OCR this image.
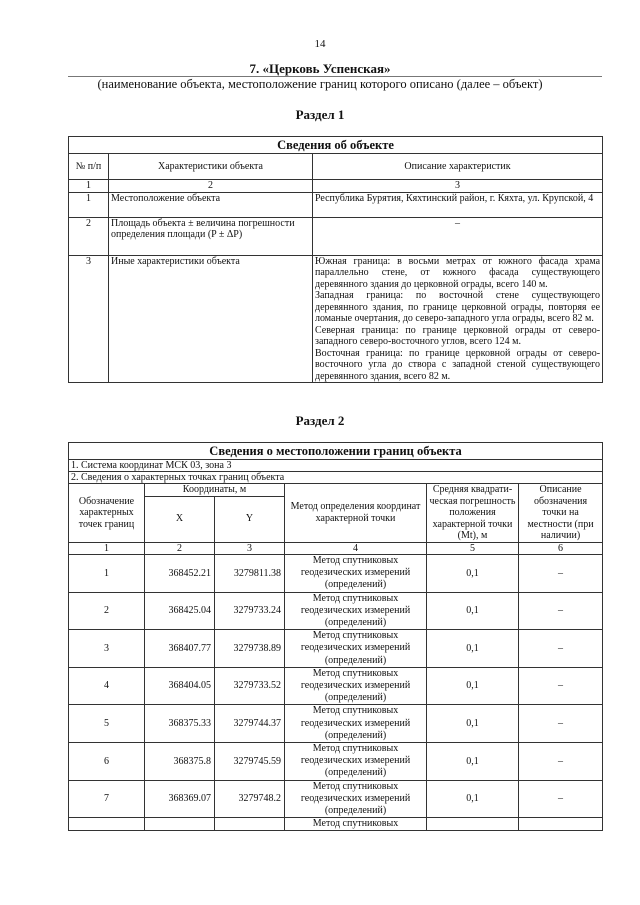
14
7. «Церковь Успенская»
(наименование объекта, местоположение границ которого описано (далее – объект)
Раздел 1
Сведения об объекте		
№ п/п	Характеристики объекта	Описание характеристик
1	2	3
1	Местоположение объекта	Республика Бурятия, Кяхтинский район, г. Кяхта, ул. Крупской, 4
2	Площадь объекта ± величина погрешности определения площади (P ± ΔP)	–
3	Иные характеристики объекта	Южная граница: в восьми метрах от южного фасада храма параллельно стене, от южного фасада существующего деревянного здания до церковной ограды, всего 140 м.
Западная граница: по восточной стене существующего деревянного здания, по границе церковной ограды, повторяя ее ломаные очертания, до северо-западного угла ограды, всего 82 м.
Северная граница: по границе церковной ограды от северо-западного северо-восточного углов, всего 124 м.
Восточная граница: по границе церковной ограды от северо-восточного угла до створа с западной стеной существующего деревянного здания, всего 82 м.
Раздел 2
Сведения о местоположении границ объекта					
1. Система координат МСК 03, зона 3					
2. Сведения о характерных точках границ объекта					
Обозначение характерных точек границ	Координаты, м		Метод определения координат характерной точки	Средняя квадрати-ческая погрешность положения характерной точки (Mt), м	Описание обозначения точки на местности (при наличии)
	X	Y			
1	2	3	4	5	6
1	368452.21	3279811.38	Метод спутниковых геодезических измерений (определений)	0,1	–
2	368425.04	3279733.24	Метод спутниковых геодезических измерений (определений)	0,1	–
3	368407.77	3279738.89	Метод спутниковых геодезических измерений (определений)	0,1	–
4	368404.05	3279733.52	Метод спутниковых геодезических измерений (определений)	0,1	–
5	368375.33	3279744.37	Метод спутниковых геодезических измерений (определений)	0,1	–
6	368375.8	3279745.59	Метод спутниковых геодезических измерений (определений)	0,1	–
7	368369.07	3279748.2	Метод спутниковых геодезических измерений (определений)	0,1	–
			Метод спутниковых		
